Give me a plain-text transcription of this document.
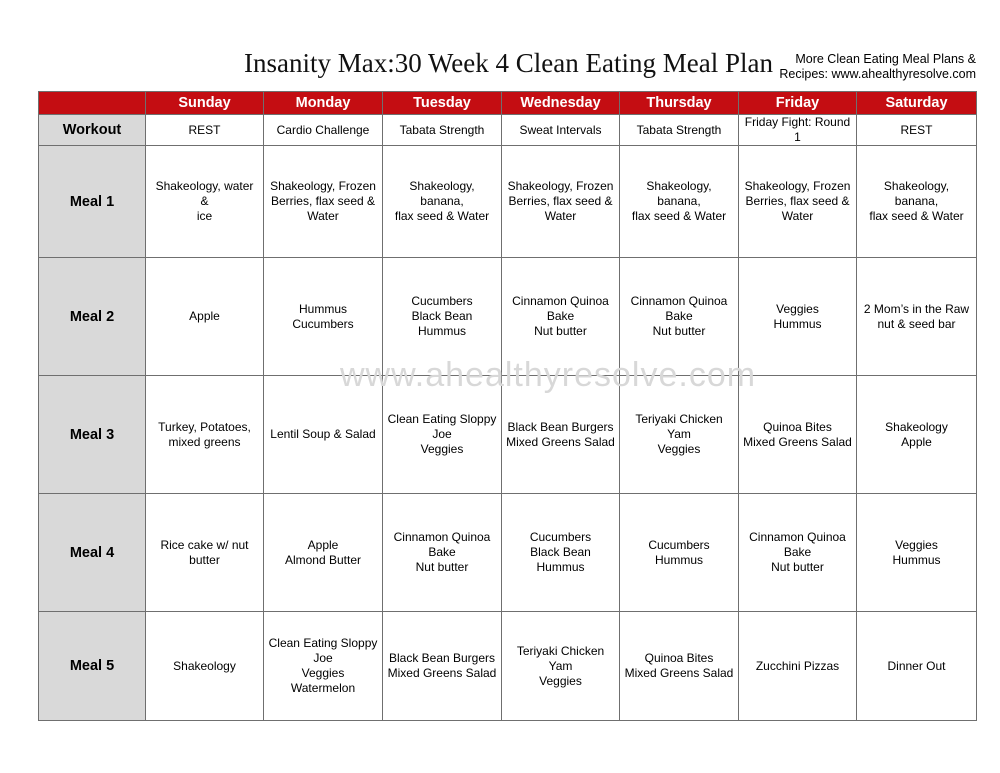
Insanity Max:30 Week 4 Clean Eating Meal Plan	More Clean Eating Meal Plans &
Recipes: www.ahealthyresolve.com
	Sunday	Monday	Tuesday	Wednesday	Thursday	Friday	Saturday
Workout	REST	Cardio Challenge	Tabata Strength	Sweat Intervals	Tabata Strength	Friday Fight: Round 1	REST

Meal 1	Shakeology, water &
ice	Shakeology, Frozen
Berries, flax seed &
Water	Shakeology, banana,
flax seed & Water	Shakeology, Frozen
Berries, flax seed &
Water	Shakeology, banana,
flax seed & Water	Shakeology, Frozen
Berries, flax seed &
Water	Shakeology, banana,
flax seed & Water

Meal 2	Apple	Hummus
Cucumbers	Cucumbers
Black Bean Hummus	Cinnamon Quinoa
Bake
Nut butter	Cinnamon Quinoa
Bake
Nut butter	Veggies
Hummus	2 Mom’s in the Raw
nut & seed bar

Meal 3	Turkey, Potatoes,
mixed greens	Lentil Soup & Salad	Clean Eating Sloppy
Joe
Veggies	Black Bean Burgers
Mixed Greens Salad	Teriyaki Chicken
Yam
Veggies	Quinoa Bites
Mixed Greens Salad	Shakeology
Apple

Meal 4	Rice cake w/ nut
butter	Apple
Almond Butter	Cinnamon Quinoa
Bake
Nut butter	Cucumbers
Black Bean Hummus	Cucumbers
Hummus	Cinnamon Quinoa
Bake
Nut butter	Veggies
Hummus

Meal 5	Shakeology	Clean Eating Sloppy
Joe
Veggies
Watermelon	Black Bean Burgers
Mixed Greens Salad	Teriyaki Chicken
Yam
Veggies	Quinoa Bites
Mixed Greens Salad	Zucchini Pizzas	Dinner Out
www.ahealthyresolve.com
